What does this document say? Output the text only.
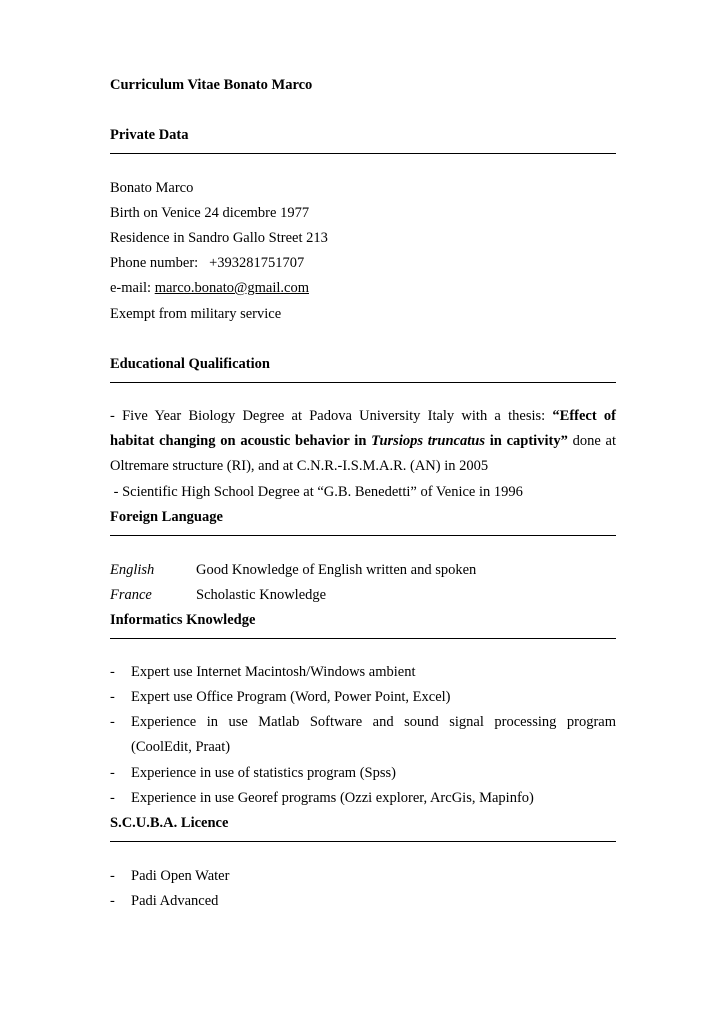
Curriculum Vitae Bonato Marco
Private Data
Bonato Marco
Birth on Venice 24 dicembre 1977
Residence in Sandro Gallo Street 213
Phone number:   +393281751707
e-mail: marco.bonato@gmail.com
Exempt from military service
Educational Qualification
- Five Year Biology Degree at Padova University Italy with a thesis: “Effect of habitat changing on acoustic behavior in Tursiops truncatus in captivity” done at Oltremare structure (RI), and at C.N.R.-I.S.M.A.R. (AN) in 2005
- Scientific High School Degree at “G.B. Benedetti” of Venice in 1996
Foreign Language
English	Good Knowledge of English written and spoken
France	Scholastic Knowledge
Informatics Knowledge
- Expert use Internet Macintosh/Windows ambient
- Expert use Office Program (Word, Power Point, Excel)
- Experience in use Matlab Software and sound signal processing program
(CoolEdit, Praat)
- Experience in use of statistics program (Spss)
- Experience in use Georef programs (Ozzi explorer, ArcGis, Mapinfo)
S.C.U.B.A. Licence
- Padi Open Water
- Padi Advanced
